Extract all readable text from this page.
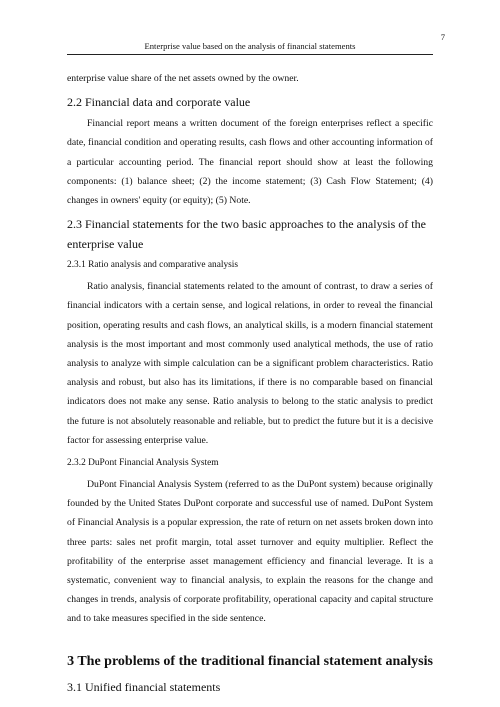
Enterprise value based on the analysis of financial statements
7

enterprise value share of the net assets owned by the owner.

2.2 Financial data and corporate value

Financial report means a written document of the foreign enterprises reflect a specific date, financial condition and operating results, cash flows and other accounting information of a particular accounting period. The financial report should show at least the following components: (1) balance sheet; (2) the income statement; (3) Cash Flow Statement; (4) changes in owners' equity (or equity); (5) Note.

2.3 Financial statements for the two basic approaches to the analysis of the enterprise value
2.3.1 Ratio analysis and comparative analysis

Ratio analysis, financial statements related to the amount of contrast, to draw a series of financial indicators with a certain sense, and logical relations, in order to reveal the financial position, operating results and cash flows, an analytical skills, is a modern financial statement analysis is the most important and most commonly used analytical methods, the use of ratio analysis to analyze with simple calculation can be a significant problem characteristics. Ratio analysis and robust, but also has its limitations, if there is no comparable based on financial indicators does not make any sense. Ratio analysis to belong to the static analysis to predict the future is not absolutely reasonable and reliable, but to predict the future but it is a decisive factor for assessing enterprise value.

2.3.2 DuPont Financial Analysis System

DuPont Financial Analysis System (referred to as the DuPont system) because originally founded by the United States DuPont corporate and successful use of named. DuPont System of Financial Analysis is a popular expression, the rate of return on net assets broken down into three parts: sales net profit margin, total asset turnover and equity multiplier. Reflect the profitability of the enterprise asset management efficiency and financial leverage. It is a systematic, convenient way to financial analysis, to explain the reasons for the change and changes in trends, analysis of corporate profitability, operational capacity and capital structure and to take measures specified in the side sentence.

3 The problems of the traditional financial statement analysis
3.1 Unified financial statements
